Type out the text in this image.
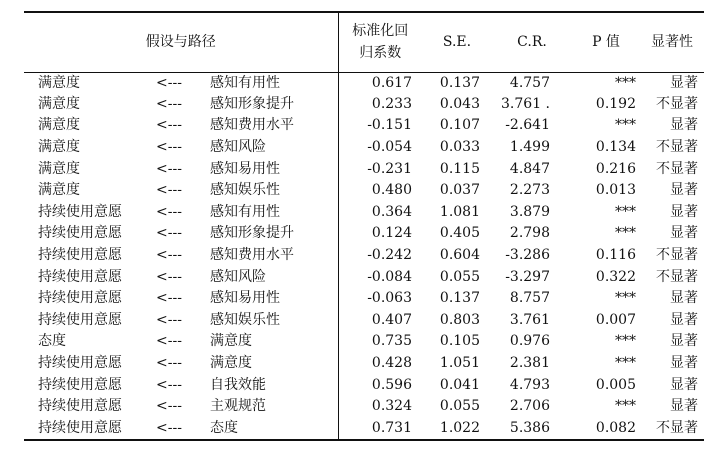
假设与路径			标准化回
归系数	S.E.	C.R.	P 值	显著性
满意度	<---	感知有用性	0.617	0.137	4.757	***	显著
满意度	<---	感知形象提升	0.233	0.043	3.761 .	0.192	不显著
满意度	<---	感知费用水平	-0.151	0.107	-2.641	***	显著
满意度	<---	感知风险	-0.054	0.033	1.499	0.134	不显著
满意度	<---	感知易用性	-0.231	0.115	4.847	0.216	不显著
满意度	<---	感知娱乐性	0.480	0.037	2.273	0.013	显著
持续使用意愿	<---	感知有用性	0.364	1.081	3.879	***	显著
持续使用意愿	<---	感知形象提升	0.124	0.405	2.798	***	显著
持续使用意愿	<---	感知费用水平	-0.242	0.604	-3.286	0.116	不显著
持续使用意愿	<---	感知风险	-0.084	0.055	-3.297	0.322	不显著
持续使用意愿	<---	感知易用性	-0.063	0.137	8.757	***	显著
持续使用意愿	<---	感知娱乐性	0.407	0.803	3.761	0.007	显著
态度	<---	满意度	0.735	0.105	0.976	***	显著
持续使用意愿	<---	满意度	0.428	1.051	2.381	***	显著
持续使用意愿	<---	自我效能	0.596	0.041	4.793	0.005	显著
持续使用意愿	<---	主观规范	0.324	0.055	2.706	***	显著
持续使用意愿	<---	态度	0.731	1.022	5.386	0.082	不显著
